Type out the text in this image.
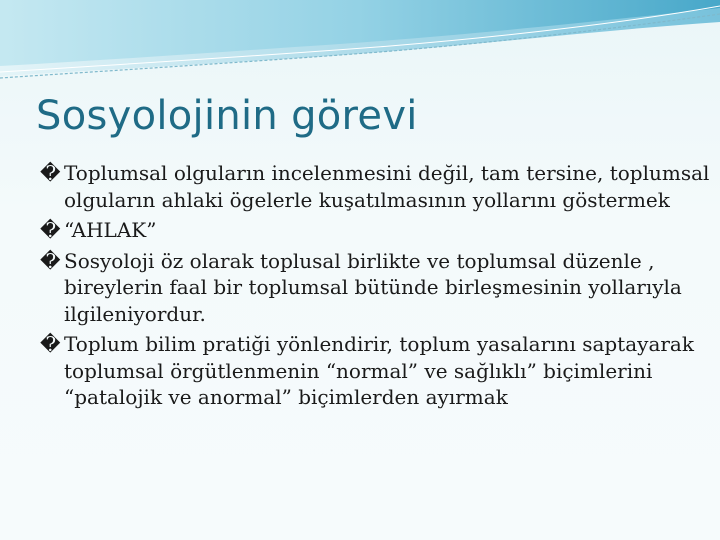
Sosyolojinin görevi
� Toplumsal olguların incelenmesini değil, tam tersine, toplumsal olguların ahlaki ögelerle kuşatılmasının yollarını göstermek
� “AHLAK”
� Sosyoloji öz olarak toplusal birlikte ve toplumsal düzenle , bireylerin faal bir toplumsal bütünde birleşmesinin yollarıyla ilgileniyordur.
� Toplum bilim pratiği yönlendirir, toplum yasalarını saptayarak toplumsal örgütlenmenin “normal” ve sağlıklı” biçimlerini “patalojik ve anormal” biçimlerden ayırmak
